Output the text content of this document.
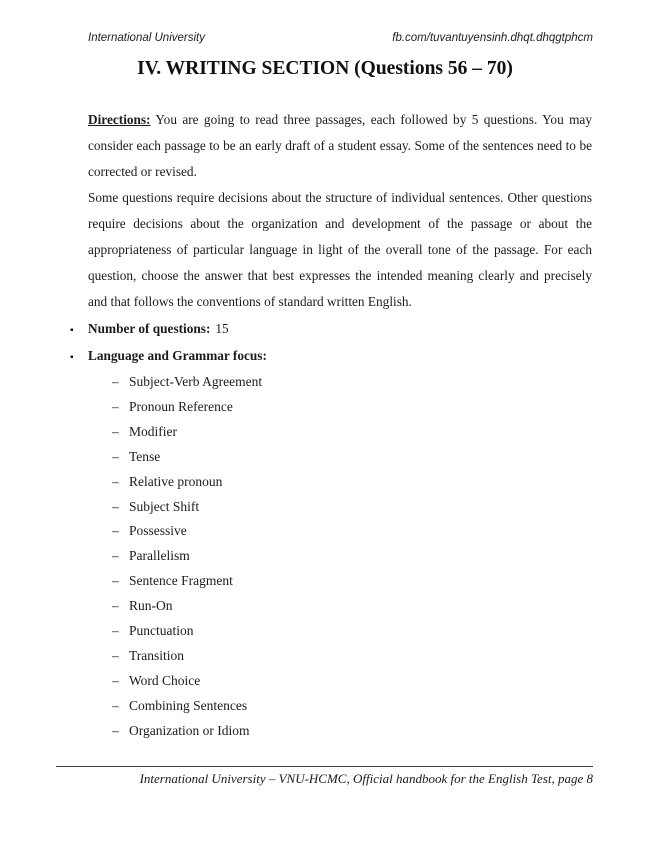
International University	fb.com/tuvantuyensinh.dhqt.dhqgtphcm
IV. WRITING SECTION (Questions 56 – 70)

Directions: You are going to read three passages, each followed by 5 questions. You may consider each passage to be an early draft of a student essay. Some of the sentences need to be corrected or revised.

Some questions require decisions about the structure of individual sentences. Other questions require decisions about the organization and development of the passage or about the appropriateness of particular language in light of the overall tone of the passage. For each question, choose the answer that best expresses the intended meaning clearly and precisely and that follows the conventions of standard written English.

▪	Number of questions: 15
▪	Language and Grammar focus:
– Subject-Verb Agreement
– Pronoun Reference
– Modifier
– Tense
– Relative pronoun
– Subject Shift
– Possessive
– Parallelism
– Sentence Fragment
– Run-On
– Punctuation
– Transition
– Word Choice
– Combining Sentences
– Organization or Idiom
International University – VNU-HCMC, Official handbook for the English Test, page 8
